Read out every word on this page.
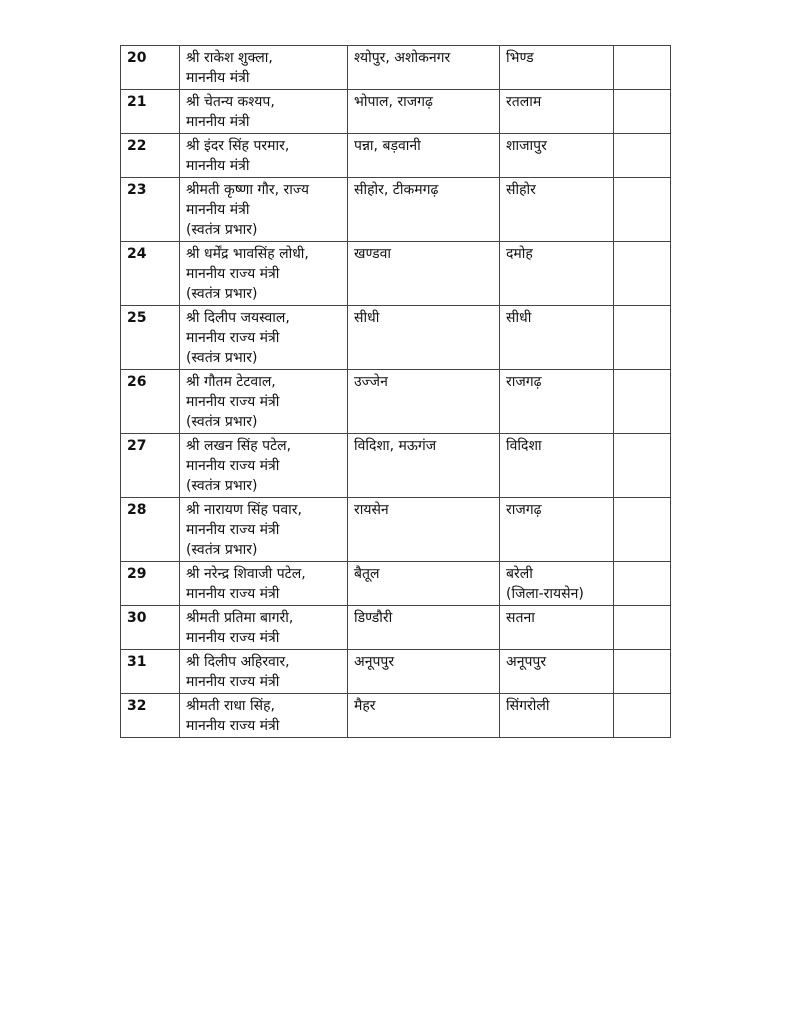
20	श्री राकेश शुक्ला,
माननीय मंत्री	श्योपुर, अशोकनगर	भिण्ड	

21	श्री चेतन्य कश्यप,
माननीय मंत्री	भोपाल, राजगढ़	रतलाम	

22	श्री इंदर सिंह परमार,
माननीय मंत्री	पन्ना, बड़वानी	शाजापुर	

23	श्रीमती कृष्णा गौर, राज्य
माननीय मंत्री
(स्वतंत्र प्रभार)	सीहोर, टीकमगढ़	सीहोर	

24	श्री धर्मेंद्र भावसिंह लोधी,
माननीय राज्य मंत्री
(स्वतंत्र प्रभार)	खण्डवा	दमोह	

25	श्री दिलीप जयस्वाल,
माननीय राज्य मंत्री
(स्वतंत्र प्रभार)	सीधी	सीधी	

26	श्री गौतम टेटवाल,
माननीय राज्य मंत्री
(स्वतंत्र प्रभार)	उज्जेन	राजगढ़	

27	श्री लखन सिंह पटेल,
माननीय राज्य मंत्री
(स्वतंत्र प्रभार)	विदिशा, मऊगंज	विदिशा	

28	श्री नारायण सिंह पवार,
माननीय राज्य मंत्री
(स्वतंत्र प्रभार)	रायसेन	राजगढ़	

29	श्री नरेन्द्र शिवाजी पटेल,
माननीय राज्य मंत्री	बैतूल	बरेली
(जिला-रायसेन)	

30	श्रीमती प्रतिमा बागरी,
माननीय राज्य मंत्री	डिण्डौरी	सतना	

31	श्री दिलीप अहिरवार,
माननीय राज्य मंत्री	अनूपपुर	अनूपपुर	

32	श्रीमती राधा सिंह,
माननीय राज्य मंत्री	मैहर	सिंगरोली	
